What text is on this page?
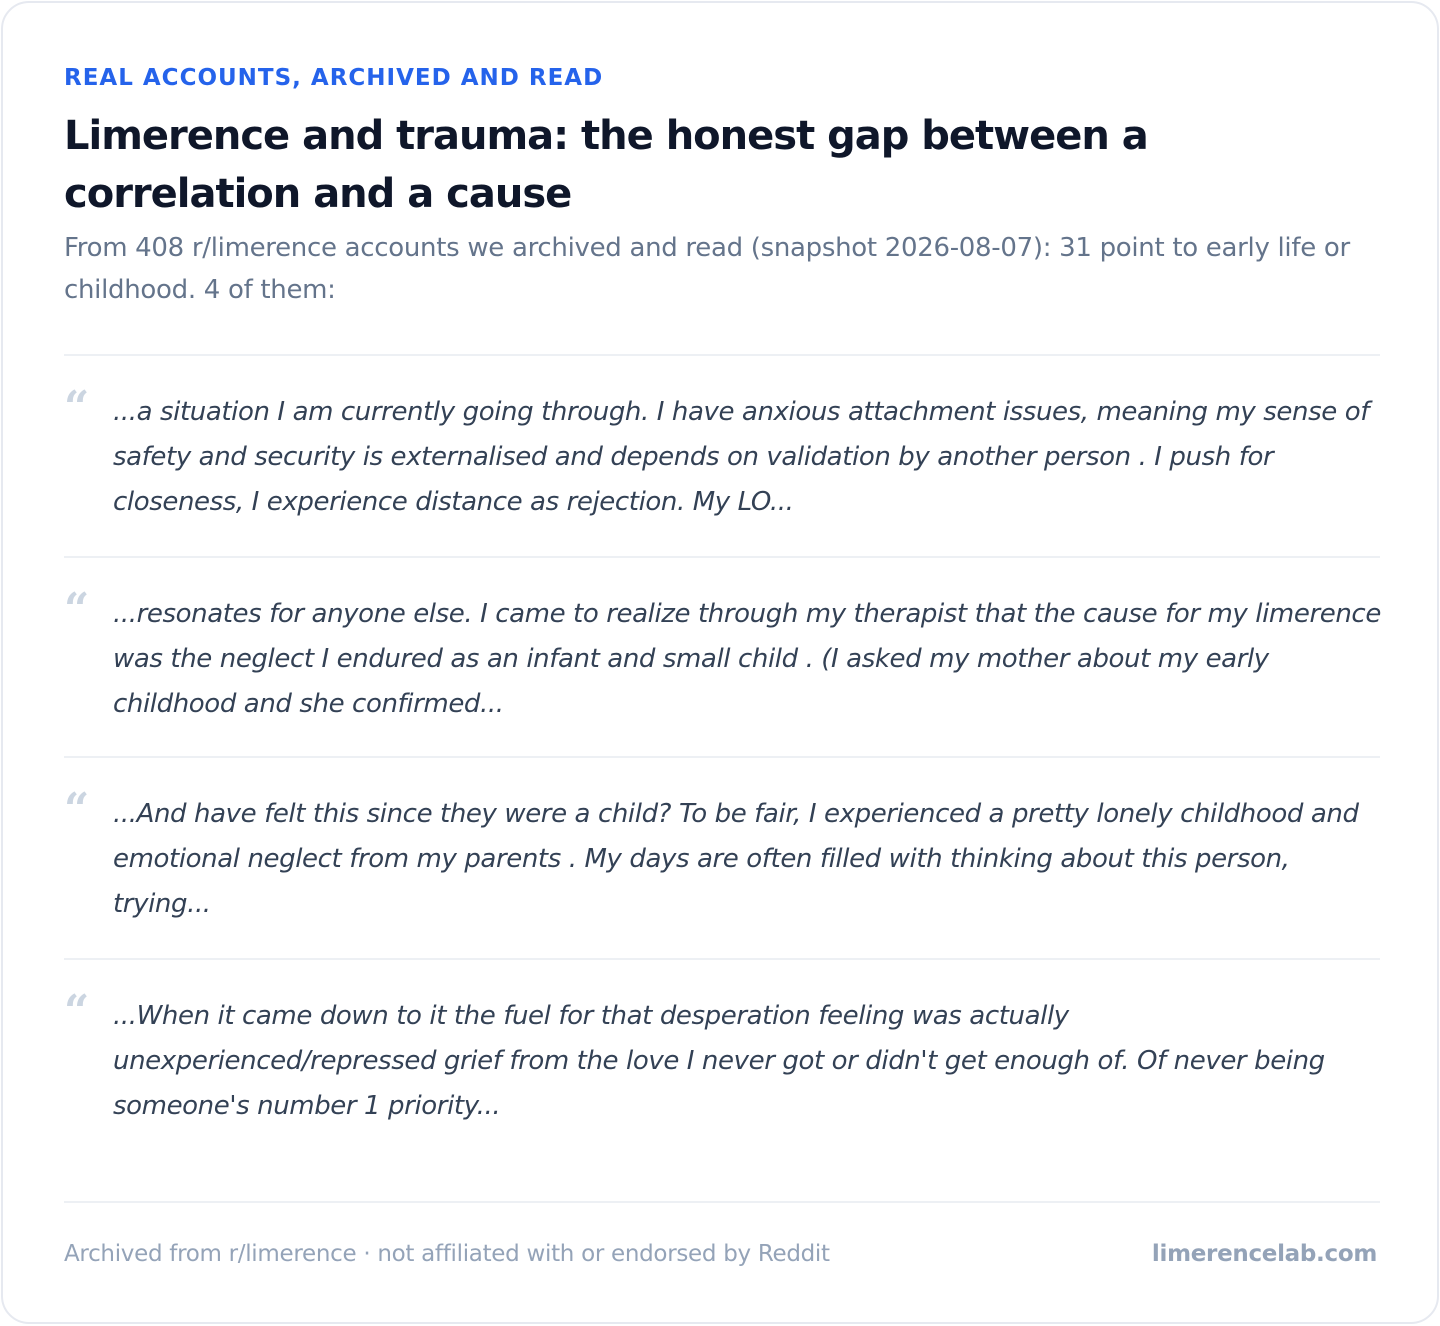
REAL ACCOUNTS, ARCHIVED AND READ
Limerence and trauma: the honest gap between a correlation and a cause

From 408 r/limerence accounts we archived and read (snapshot 2026-08-07): 31 point to early life or childhood. 4 of them:

“ ...a situation I am currently going through. I have anxious attachment issues, meaning my sense of safety and security is externalised and depends on validation by another person . I push for closeness, I experience distance as rejection. My LO...

“ ...resonates for anyone else. I came to realize through my therapist that the cause for my limerence was the neglect I endured as an infant and small child . (I asked my mother about my early childhood and she confirmed...

“ ...And have felt this since they were a child? To be fair, I experienced a pretty lonely childhood and emotional neglect from my parents . My days are often filled with thinking about this person, trying...

“ ...When it came down to it the fuel for that desperation feeling was actually unexperienced/repressed grief from the love I never got or didn't get enough of. Of never being someone's number 1 priority...

Archived from r/limerence · not affiliated with or endorsed by Reddit	limerencelab.com
